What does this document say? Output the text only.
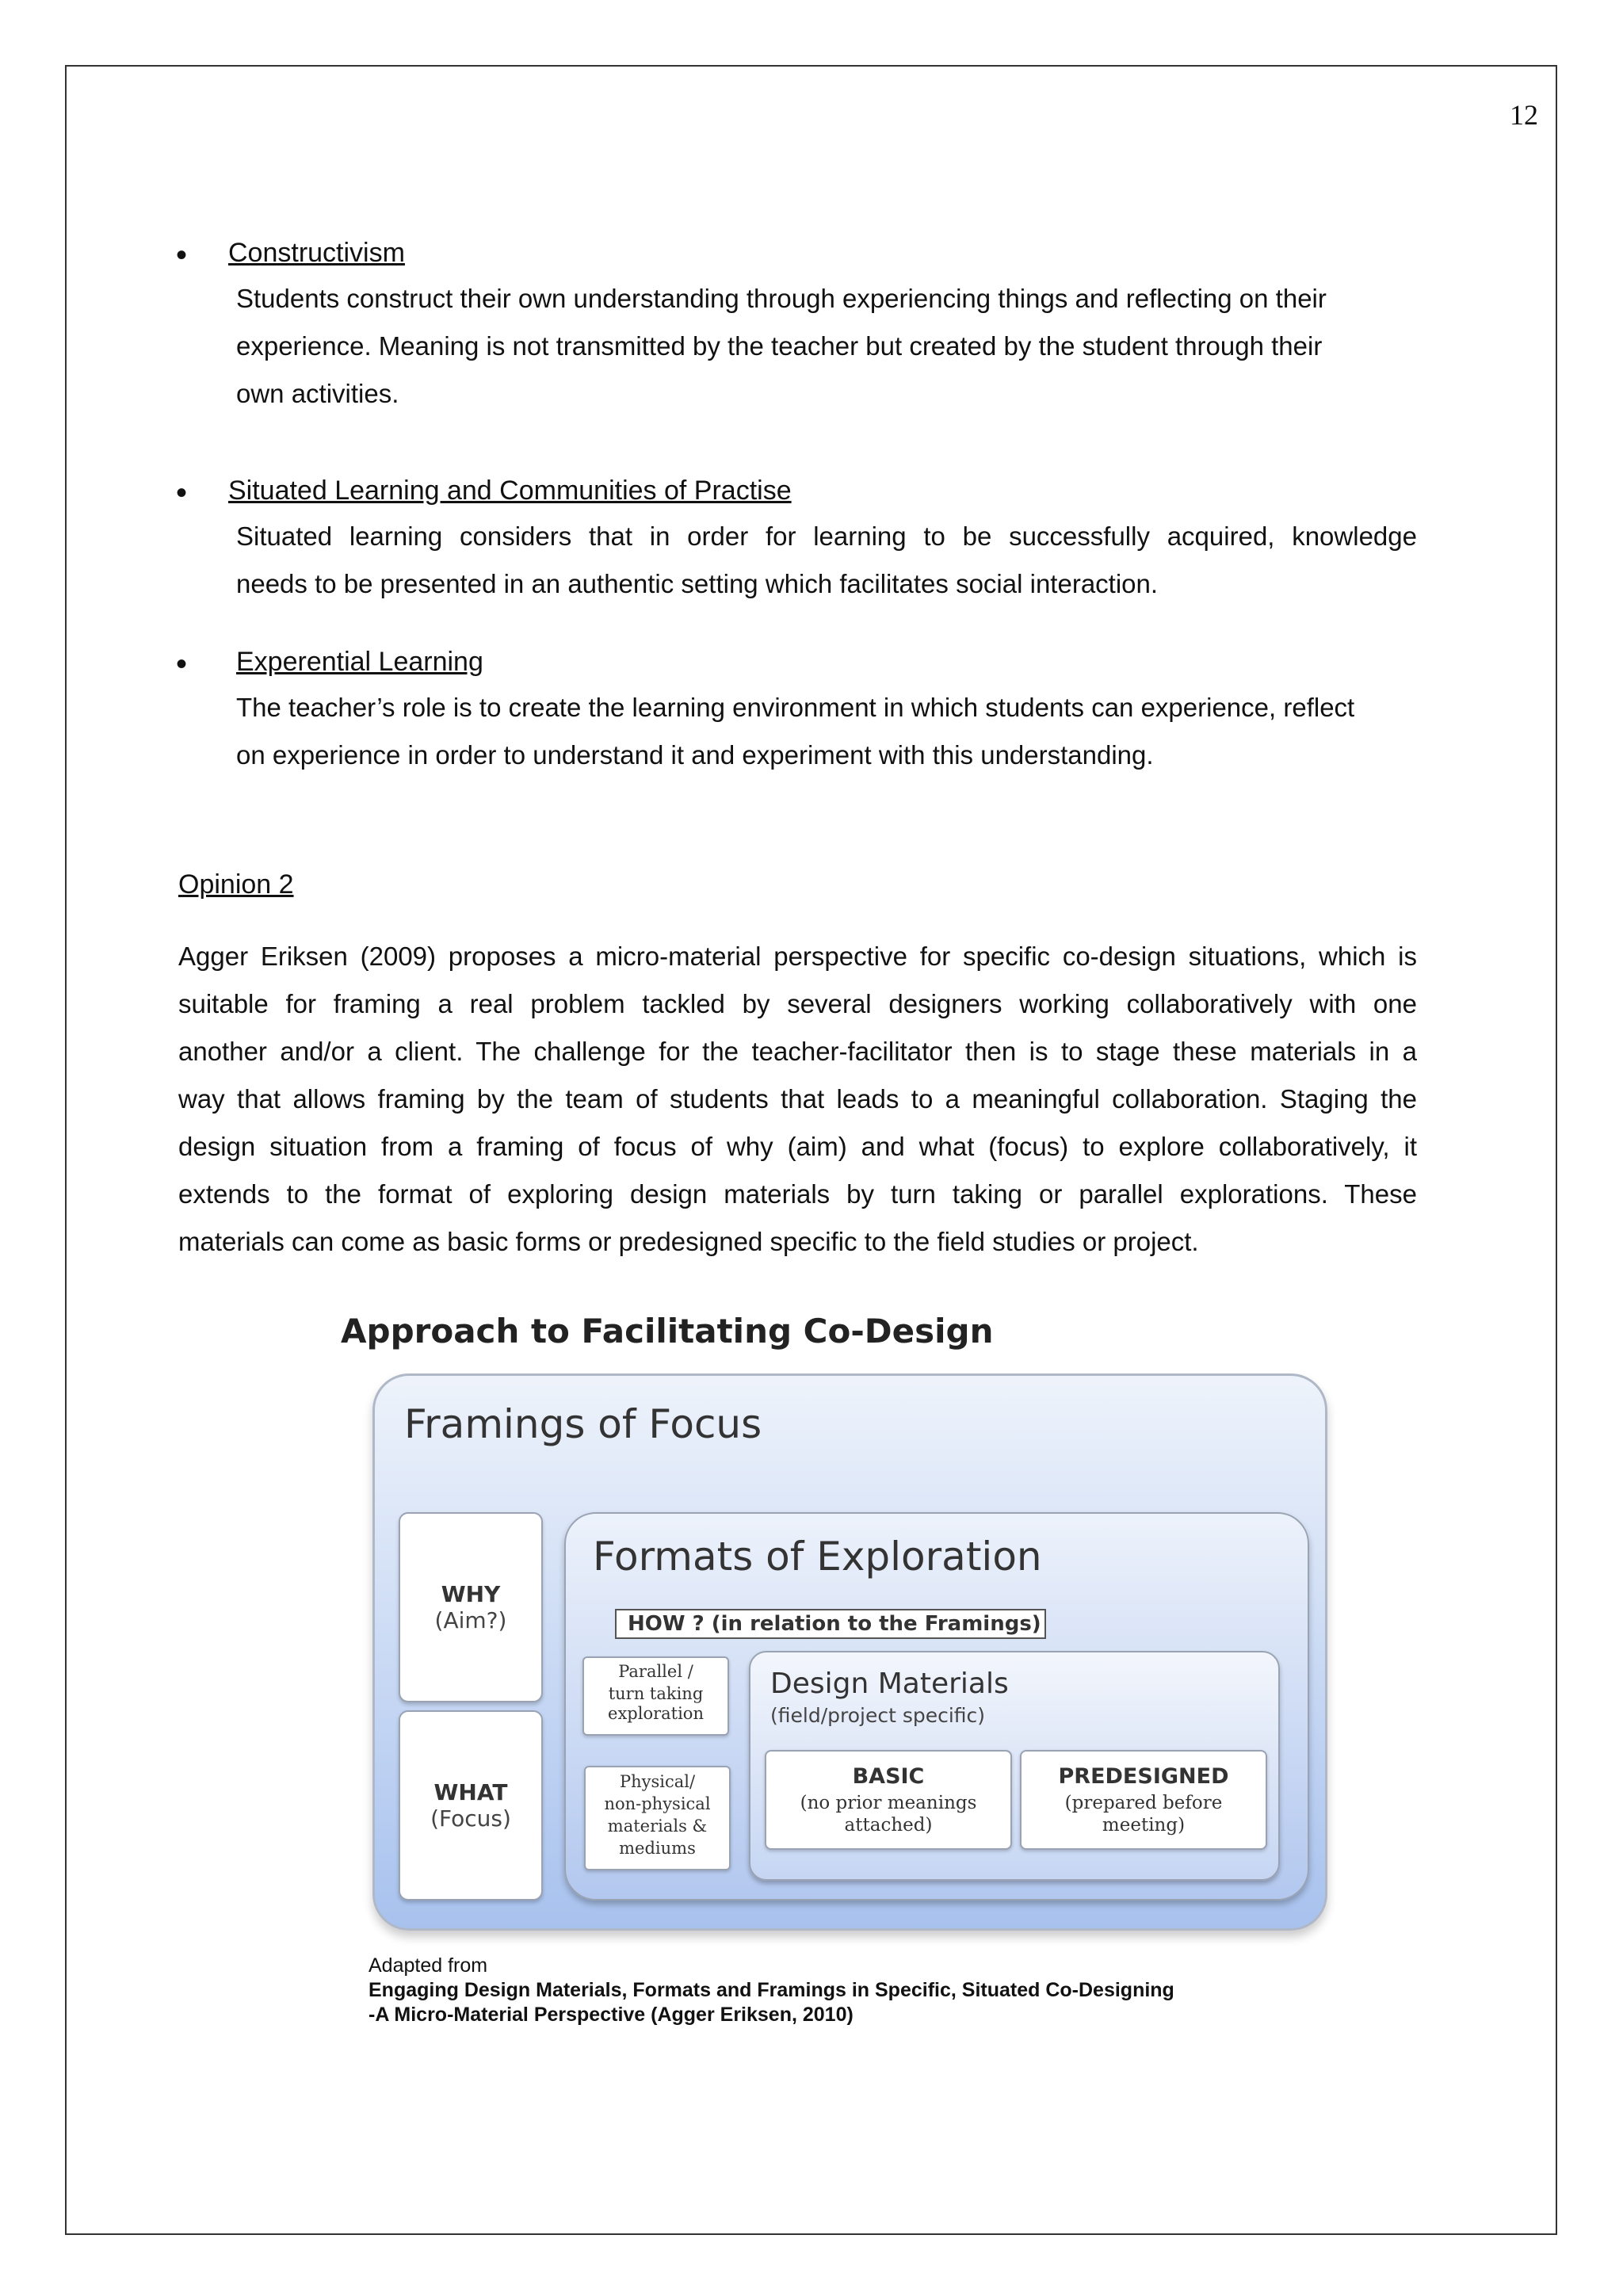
12
• Constructivism
Students construct their own understanding through experiencing things and reflecting on their
experience. Meaning is not transmitted by the teacher but created by the student through their
own activities.
• Situated Learning and Communities of Practise
Situated learning considers that in order for learning to be successfully acquired, knowledge
needs to be presented in an authentic setting which facilitates social interaction.
• Experential Learning
The teacher’s role is to create the learning environment in which students can experience, reflect
on experience in order to understand it and experiment with this understanding.
Opinion 2
Agger Eriksen (2009) proposes a micro-material perspective for specific co-design situations, which is
suitable for framing a real problem tackled by several designers working collaboratively with one
another and/or a client. The challenge for the teacher-facilitator then is to stage these materials in a
way that allows framing by the team of students that leads to a meaningful collaboration. Staging the
design situation from a framing of focus of why (aim) and what (focus) to explore collaboratively, it
extends to the format of exploring design materials by turn taking or parallel explorations. These
materials can come as basic forms or predesigned specific to the field studies or project.
Approach to Facilitating Co-Design
Framings of Focus
WHY
(Aim?)
WHAT
(Focus)
Formats of Exploration
HOW ? (in relation to the Framings)
Parallel /
turn taking
exploration
Physical/
non-physical
materials &
mediums
Design Materials
(field/project specific)
BASIC
(no prior meanings
attached)
PREDESIGNED
(prepared before
meeting)
Adapted from
Engaging Design Materials, Formats and Framings in Specific, Situated Co-Designing
-A Micro-Material Perspective (Agger Eriksen, 2010)
